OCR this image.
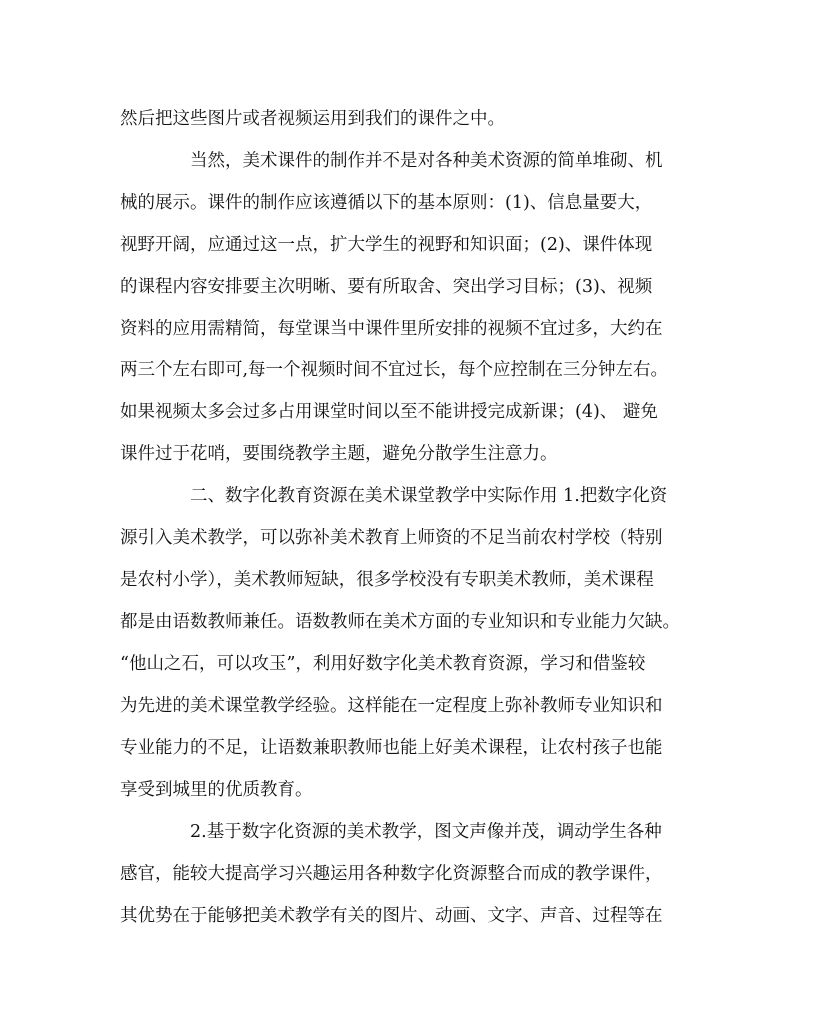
然后把这些图片或者视频运用到我们的课件之中。

当然，美术课件的制作并不是对各种美术资源的简单堆砌、机

械的展示。课件的制作应该遵循以下的基本原则：(1)、信息量要大，

视野开阔，应通过这一点，扩大学生的视野和知识面；(2)、课件体现

的课程内容安排要主次明晰、要有所取舍、突出学习目标；(3)、视频

资料的应用需精简，每堂课当中课件里所安排的视频不宜过多，大约在

两三个左右即可,每一个视频时间不宜过长，每个应控制在三分钟左右。

如果视频太多会过多占用课堂时间以至不能讲授完成新课；(4)、 避免

课件过于花哨，要围绕教学主题，避免分散学生注意力。

二、数字化教育资源在美术课堂教学中实际作用 1.把数字化资

源引入美术教学，可以弥补美术教育上师资的不足当前农村学校（特别

是农村小学），美术教师短缺，很多学校没有专职美术教师，美术课程

都是由语数教师兼任。语数教师在美术方面的专业知识和专业能力欠缺。

“他山之石，可以攻玉”，利用好数字化美术教育资源，学习和借鉴较

为先进的美术课堂教学经验。这样能在一定程度上弥补教师专业知识和

专业能力的不足，让语数兼职教师也能上好美术课程，让农村孩子也能

享受到城里的优质教育。

2.基于数字化资源的美术教学，图文声像并茂，调动学生各种

感官，能较大提高学习兴趣运用各种数字化资源整合而成的教学课件，

其优势在于能够把美术教学有关的图片、动画、文字、声音、过程等在
